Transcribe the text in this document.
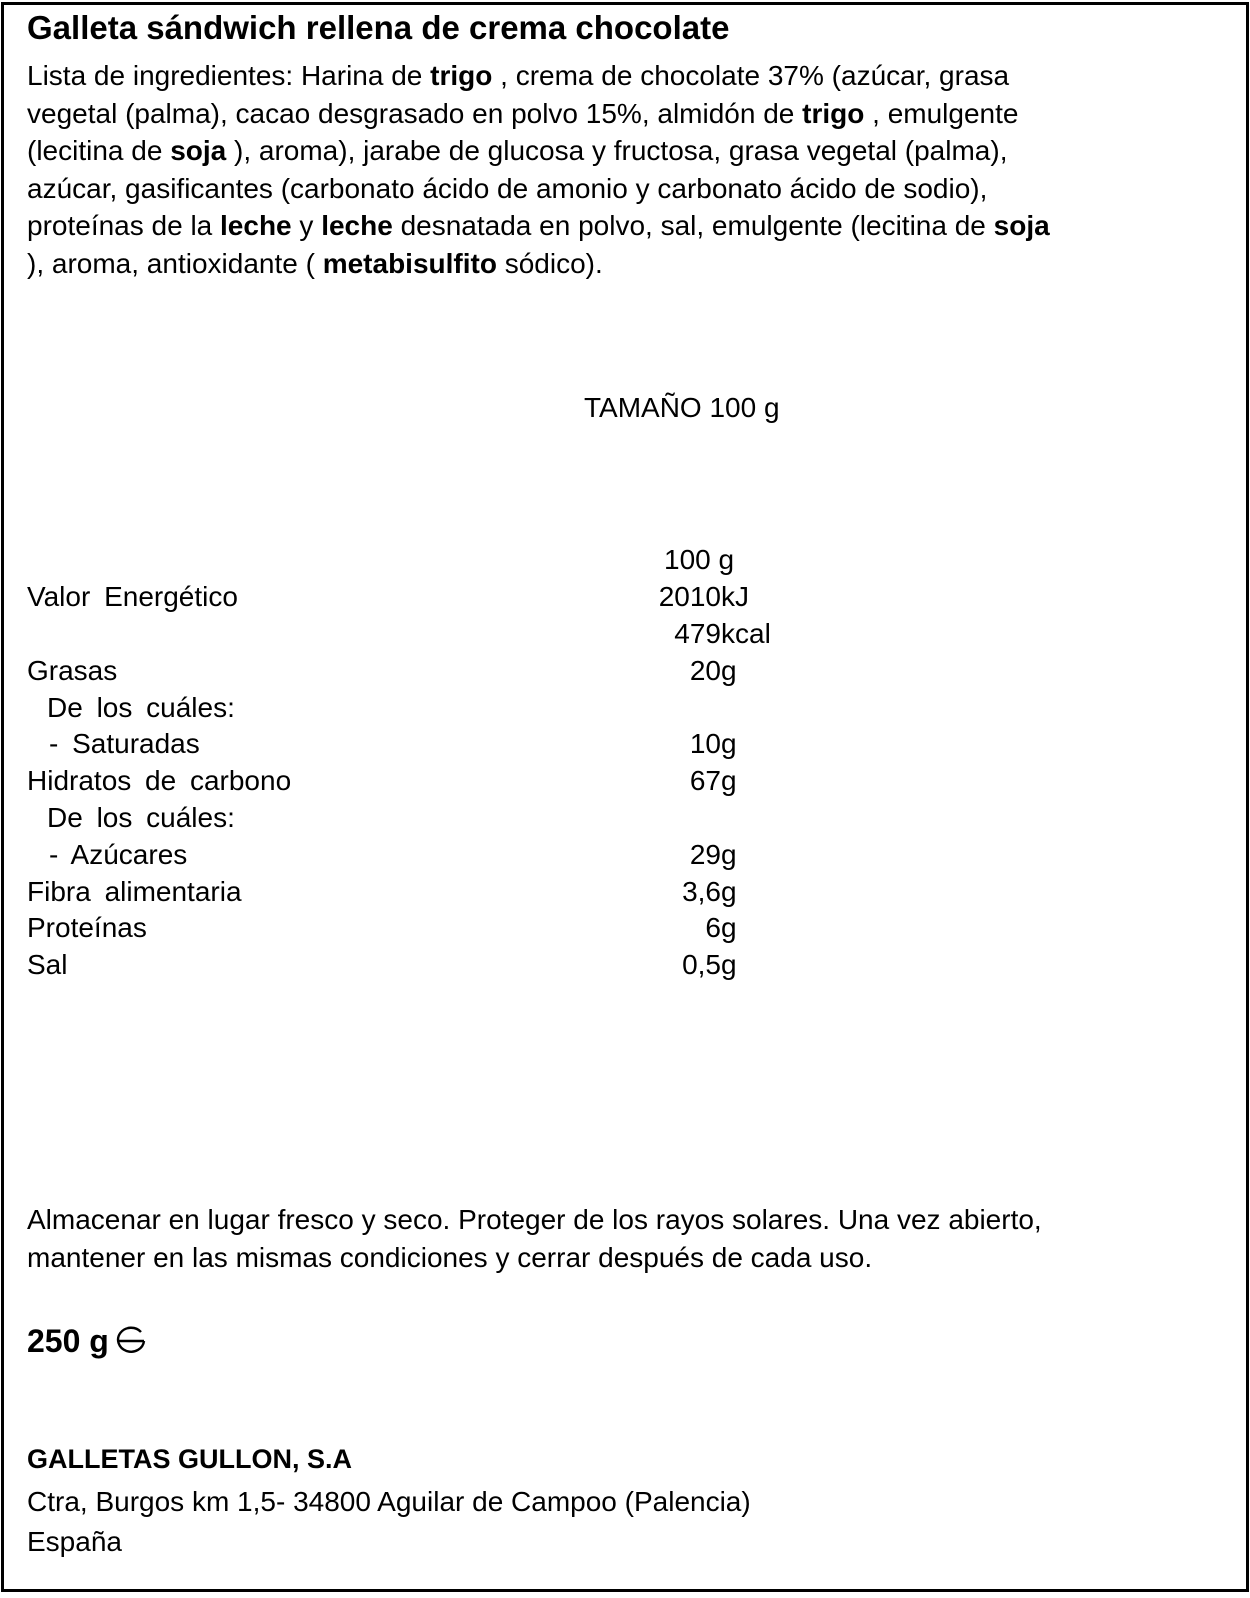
Galleta sándwich rellena de crema chocolate
Lista de ingredientes: Harina de trigo , crema de chocolate 37% (azúcar, grasa
vegetal (palma), cacao desgrasado en polvo 15%, almidón de trigo , emulgente
(lecitina de soja ), aroma), jarabe de glucosa y fructosa, grasa vegetal (palma),
azúcar, gasificantes (carbonato ácido de amonio y carbonato ácido de sodio),
proteínas de la leche y leche desnatada en polvo, sal, emulgente (lecitina de soja
), aroma, antioxidante ( metabisulfito sódico).
TAMAÑO 100 g
100 g
Valor Energético	2010 kJ
479 kcal
Grasas	20 g
De los cuáles:
- Saturadas	10 g
Hidratos de carbono	67 g
De los cuáles:
- Azúcares	29 g
Fibra alimentaria	3,6 g
Proteínas	6 g
Sal	0,5 g
Almacenar en lugar fresco y seco. Proteger de los rayos solares. Una vez abierto,
mantener en las mismas condiciones y cerrar después de cada uso.
250 g
GALLETAS GULLON, S.A
Ctra, Burgos km 1,5- 34800 Aguilar de Campoo (Palencia)
España
